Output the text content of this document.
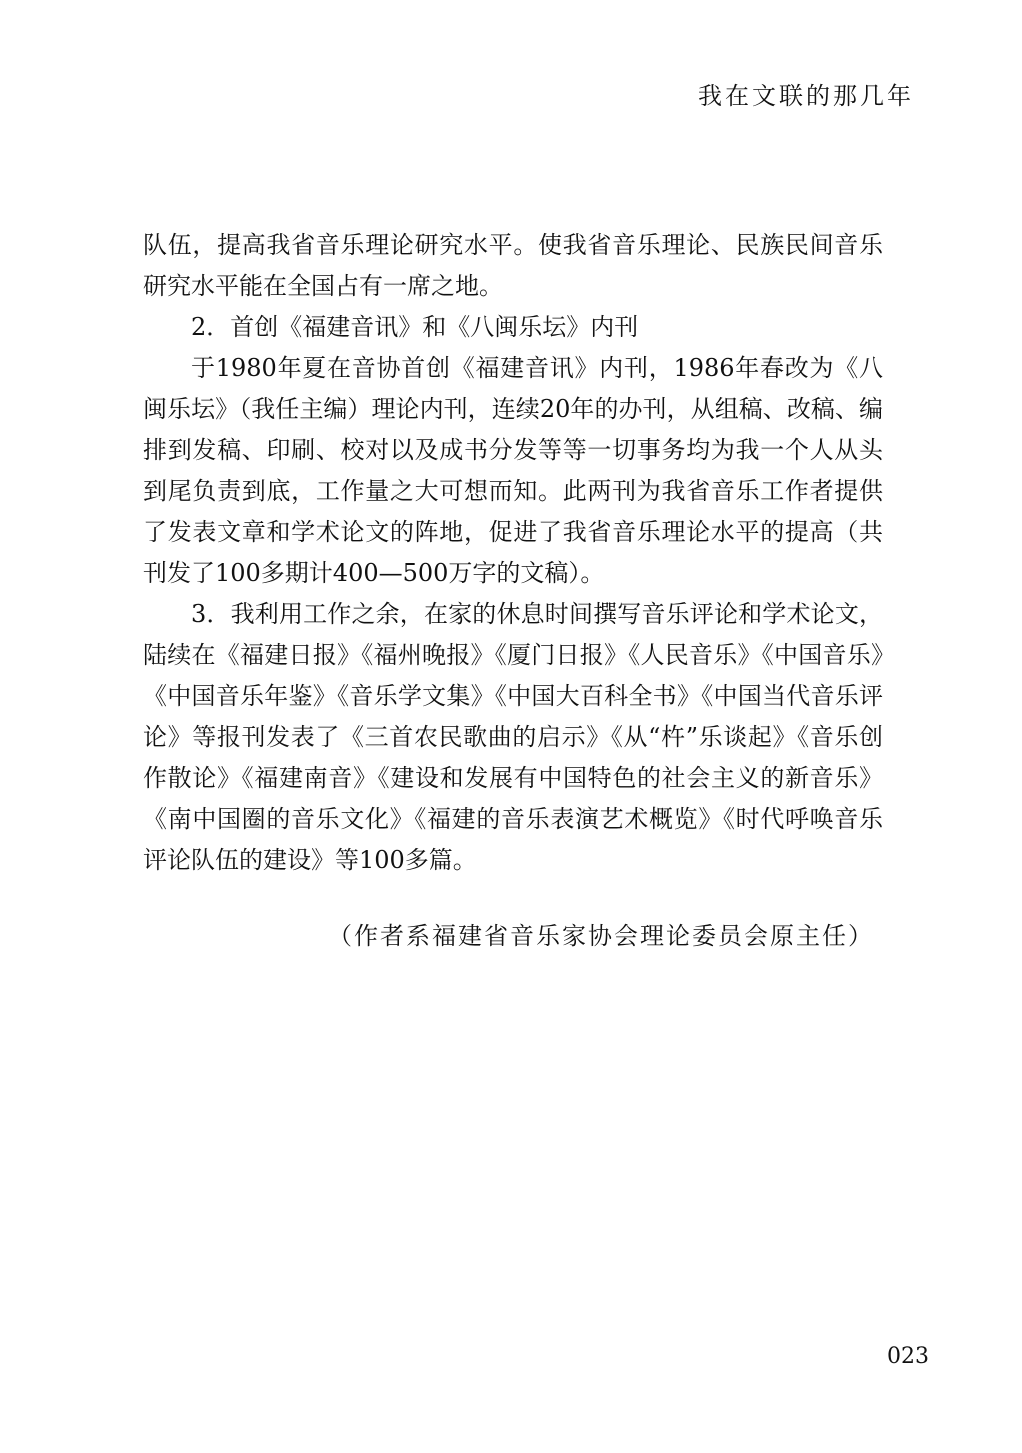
我在文联的那几年

队伍，提高我省音乐理论研究水平。使我省音乐理论、民族民间音乐研究水平能在全国占有一席之地。

2．首创《福建音讯》和《八闽乐坛》内刊

于1980年夏在音协首创《福建音讯》内刊，1986年春改为《八闽乐坛》（我任主编）理论内刊，连续20年的办刊，从组稿、改稿、编排到发稿、印刷、校对以及成书分发等等一切事务均为我一个人从头到尾负责到底，工作量之大可想而知。此两刊为我省音乐工作者提供了发表文章和学术论文的阵地，促进了我省音乐理论水平的提高（共刊发了100多期计400—500万字的文稿）。

3．我利用工作之余，在家的休息时间撰写音乐评论和学术论文，陆续在《福建日报》《福州晚报》《厦门日报》《人民音乐》《中国音乐》《中国音乐年鉴》《音乐学文集》《中国大百科全书》《中国当代音乐评论》等报刊发表了《三首农民歌曲的启示》《从“杵”乐谈起》《音乐创作散论》《福建南音》《建设和发展有中国特色的社会主义的新音乐》《南中国圈的音乐文化》《福建的音乐表演艺术概览》《时代呼唤音乐评论队伍的建设》等100多篇。

（作者系福建省音乐家协会理论委员会原主任）
023
